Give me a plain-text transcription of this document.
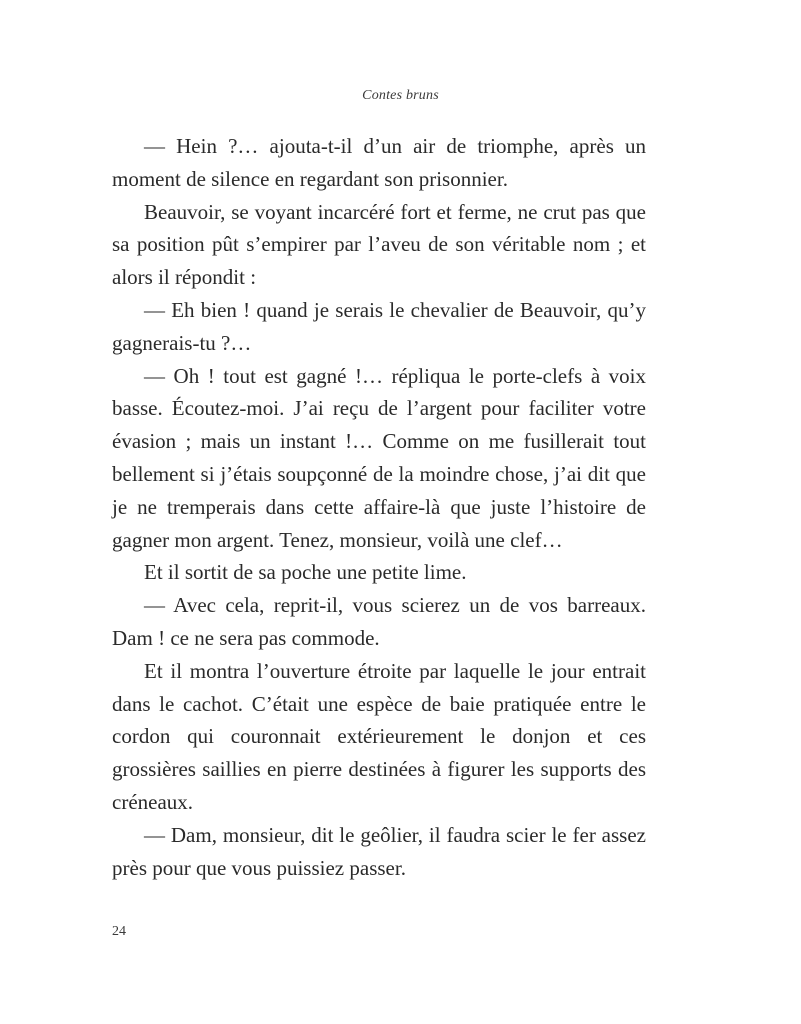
Contes bruns

— Hein ?… ajouta-t-il d’un air de triomphe, après un moment de silence en regardant son prisonnier.

Beauvoir, se voyant incarcéré fort et ferme, ne crut pas que sa position pût s’empirer par l’aveu de son véritable nom ; et alors il répondit :

— Eh bien ! quand je serais le chevalier de Beauvoir, qu’y gagnerais-tu ?…

— Oh ! tout est gagné !… répliqua le porte-clefs à voix basse. Écoutez-moi. J’ai reçu de l’argent pour faciliter votre évasion ; mais un instant !… Comme on me fusillerait tout bellement si j’étais soupçonné de la moindre chose, j’ai dit que je ne tremperais dans cette affaire-là que juste l’histoire de gagner mon argent. Tenez, monsieur, voilà une clef…

Et il sortit de sa poche une petite lime.

— Avec cela, reprit-il, vous scierez un de vos barreaux. Dam ! ce ne sera pas commode.

Et il montra l’ouverture étroite par laquelle le jour entrait dans le cachot. C’était une espèce de baie pratiquée entre le cordon qui couronnait extérieurement le donjon et ces grossières saillies en pierre destinées à figurer les supports des créneaux.

— Dam, monsieur, dit le geôlier, il faudra scier le fer assez près pour que vous puissiez passer.

24
